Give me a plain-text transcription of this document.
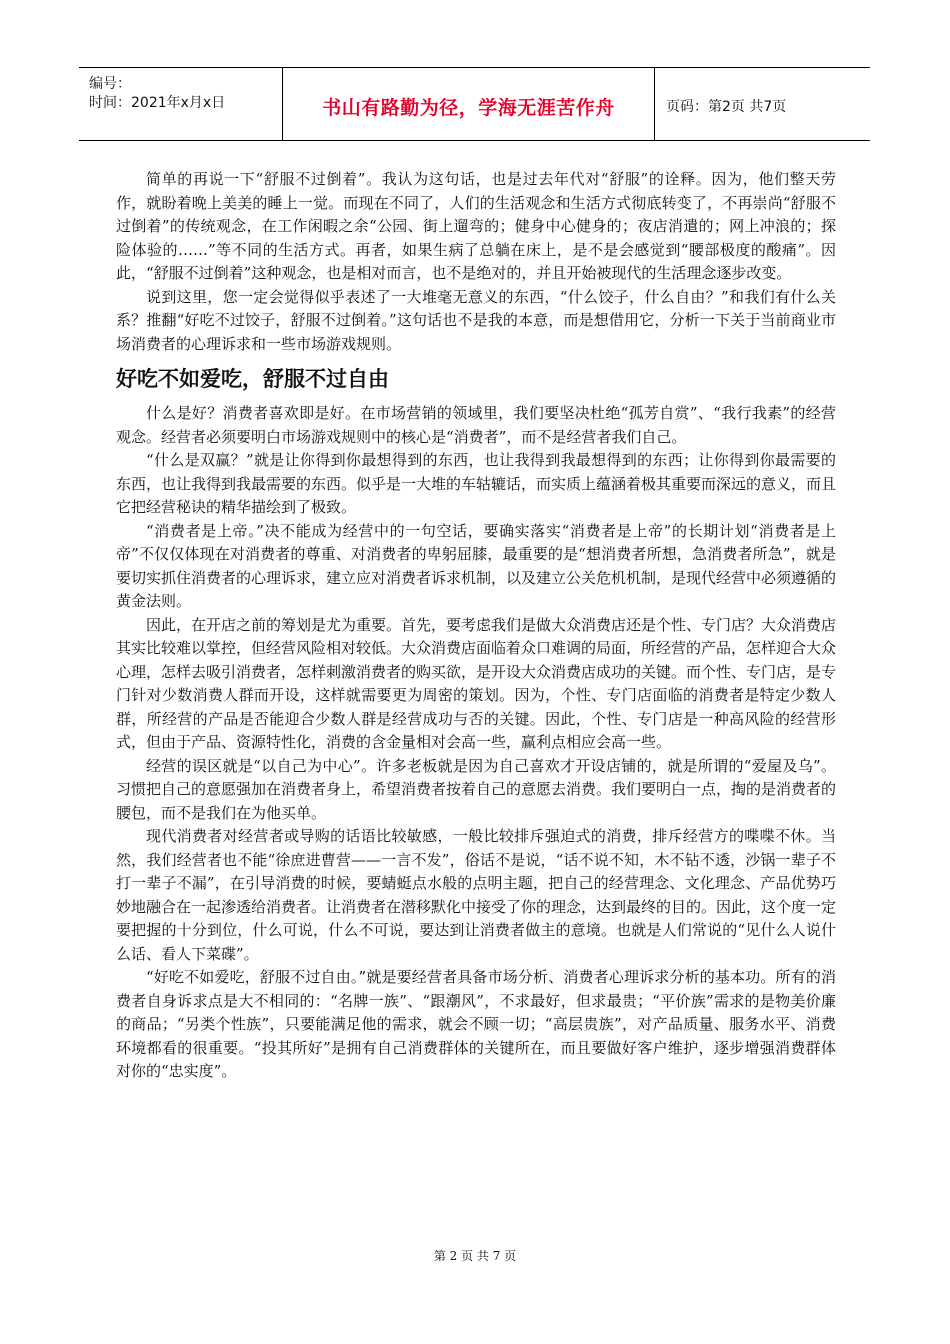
编号：
时间：2021年x月x日	书山有路勤为径，学海无涯苦作舟	页码：第2页 共7页

简单的再说一下“舒服不过倒着”。我认为这句话，也是过去年代对“舒服”的诠释。因为，他们整天劳作，就盼着晚上美美的睡上一觉。而现在不同了，人们的生活观念和生活方式彻底转变了，不再崇尚“舒服不过倒着”的传统观念，在工作闲暇之余“公园、街上遛弯的；健身中心健身的；夜店消遣的；网上冲浪的；探险体验的……”等不同的生活方式。再者，如果生病了总躺在床上，是不是会感觉到“腰部极度的酸痛”。因此，“舒服不过倒着”这种观念，也是相对而言，也不是绝对的，并且开始被现代的生活理念逐步改变。

说到这里，您一定会觉得似乎表述了一大堆毫无意义的东西，“什么饺子，什么自由？”和我们有什么关系？推翻“好吃不过饺子，舒服不过倒着。”这句话也不是我的本意，而是想借用它，分析一下关于当前商业市场消费者的心理诉求和一些市场游戏规则。

好吃不如爱吃，舒服不过自由

什么是好？消费者喜欢即是好。在市场营销的领域里，我们要坚决杜绝“孤芳自赏”、“我行我素”的经营观念。经营者必须要明白市场游戏规则中的核心是“消费者”，而不是经营者我们自己。

“什么是双赢？”就是让你得到你最想得到的东西，也让我得到我最想得到的东西；让你得到你最需要的东西，也让我得到我最需要的东西。似乎是一大堆的车轱辘话，而实质上蕴涵着极其重要而深远的意义，而且它把经营秘诀的精华描绘到了极致。

“消费者是上帝。”决不能成为经营中的一句空话，要确实落实“消费者是上帝”的长期计划“消费者是上帝”不仅仅体现在对消费者的尊重、对消费者的卑躬屈膝，最重要的是“想消费者所想，急消费者所急”，就是要切实抓住消费者的心理诉求，建立应对消费者诉求机制，以及建立公关危机机制，是现代经营中必须遵循的黄金法则。

因此，在开店之前的筹划是尤为重要。首先，要考虑我们是做大众消费店还是个性、专门店？大众消费店其实比较难以掌控，但经营风险相对较低。大众消费店面临着众口难调的局面，所经营的产品，怎样迎合大众心理，怎样去吸引消费者，怎样刺激消费者的购买欲，是开设大众消费店成功的关键。而个性、专门店，是专门针对少数消费人群而开设，这样就需要更为周密的策划。因为，个性、专门店面临的消费者是特定少数人群，所经营的产品是否能迎合少数人群是经营成功与否的关键。因此，个性、专门店是一种高风险的经营形式，但由于产品、资源特性化，消费的含金量相对会高一些，赢利点相应会高一些。

经营的误区就是“以自己为中心”。许多老板就是因为自己喜欢才开设店铺的，就是所谓的“爱屋及乌”。习惯把自己的意愿强加在消费者身上，希望消费者按着自己的意愿去消费。我们要明白一点，掏的是消费者的腰包，而不是我们在为他买单。

现代消费者对经营者或导购的话语比较敏感，一般比较排斥强迫式的消费，排斥经营方的喋喋不休。当然，我们经营者也不能“徐庶进曹营——一言不发”，俗话不是说，“话不说不知，木不钻不透，沙锅一辈子不打一辈子不漏”，在引导消费的时候，要蜻蜓点水般的点明主题，把自己的经营理念、文化理念、产品优势巧妙地融合在一起渗透给消费者。让消费者在潜移默化中接受了你的理念，达到最终的目的。因此，这个度一定要把握的十分到位，什么可说，什么不可说，要达到让消费者做主的意境。也就是人们常说的“见什么人说什么话、看人下菜碟”。

“好吃不如爱吃，舒服不过自由。”就是要经营者具备市场分析、消费者心理诉求分析的基本功。所有的消费者自身诉求点是大不相同的：“名牌一族”、“跟潮风”，不求最好，但求最贵；“平价族”需求的是物美价廉的商品；“另类个性族”，只要能满足他的需求，就会不顾一切；“高层贵族”，对产品质量、服务水平、消费环境都看的很重要。“投其所好”是拥有自己消费群体的关键所在，而且要做好客户维护，逐步增强消费群体对你的“忠实度”。

第 2 页 共 7 页
